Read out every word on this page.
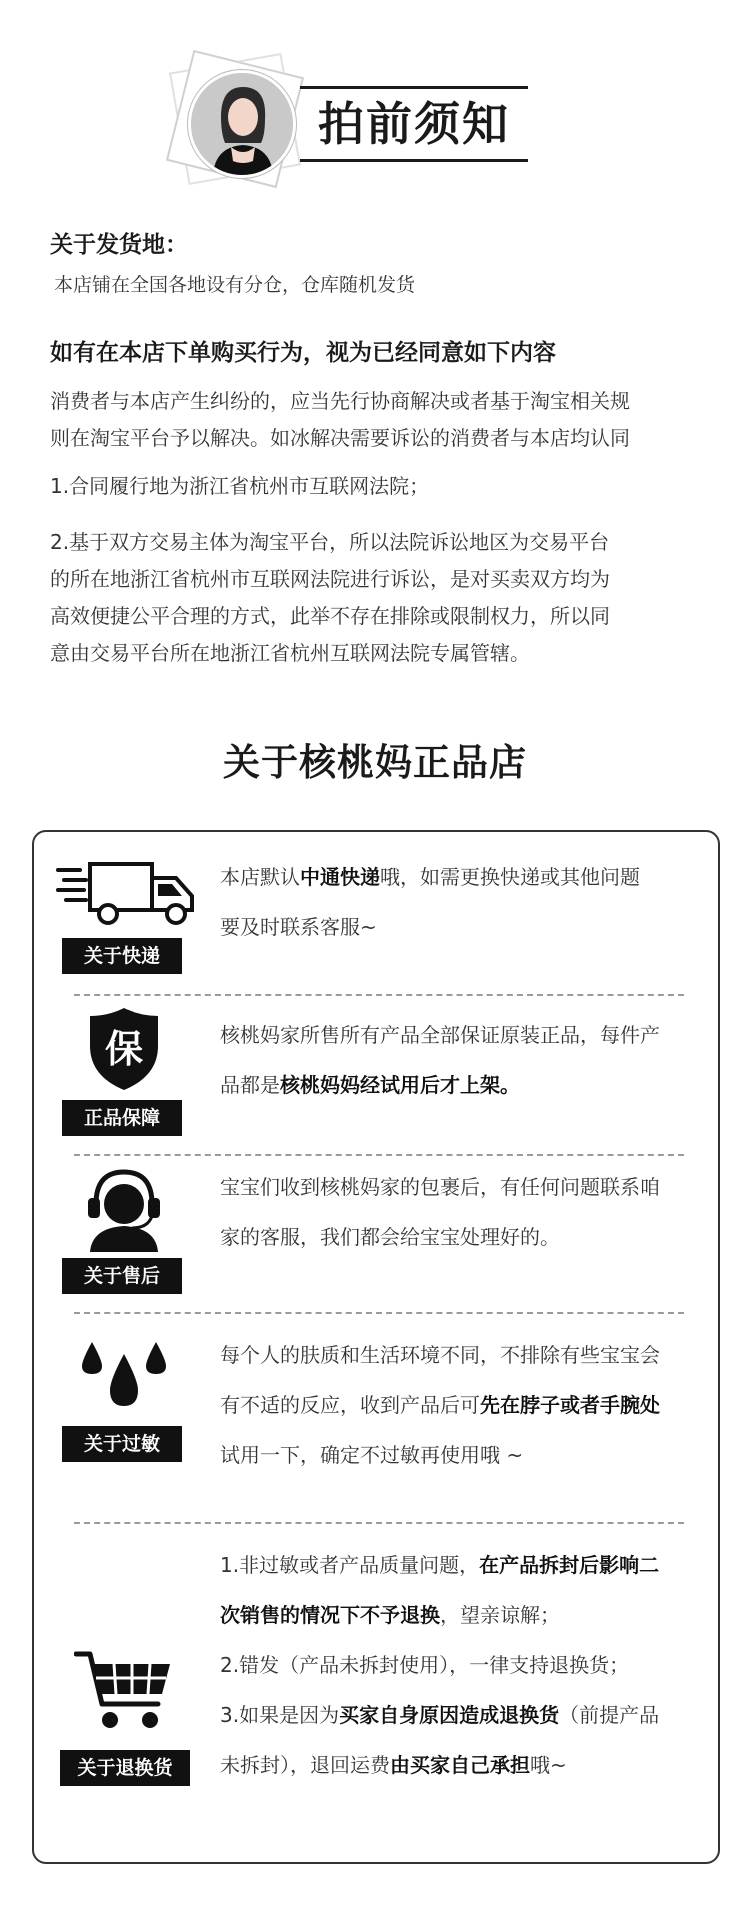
拍前须知
关于发货地：
本店铺在全国各地设有分仓，仓库随机发货
如有在本店下单购买行为，视为已经同意如下内容
消费者与本店产生纠纷的，应当先行协商解决或者基于淘宝相关规
则在淘宝平台予以解决。如冰解决需要诉讼的消费者与本店均认同
1.合同履行地为浙江省杭州市互联网法院；
2.基于双方交易主体为淘宝平台，所以法院诉讼地区为交易平台
的所在地浙江省杭州市互联网法院进行诉讼，是对买卖双方均为
高效便捷公平合理的方式，此举不存在排除或限制权力，所以同
意由交易平台所在地浙江省杭州互联网法院专属管辖。
关于核桃妈正品店
关于快递
本店默认中通快递哦，如需更换快递或其他问题
要及时联系客服~
保
正品保障
核桃妈家所售所有产品全部保证原装正品，每件产
品都是核桃妈妈经试用后才上架。
关于售后
宝宝们收到核桃妈家的包裹后，有任何问题联系咱
家的客服，我们都会给宝宝处理好的。
关于过敏
每个人的肤质和生活环境不同，不排除有些宝宝会
有不适的反应，收到产品后可先在脖子或者手腕处
试用一下，确定不过敏再使用哦 ~
关于退换货
1.非过敏或者产品质量问题，在产品拆封后影响二
次销售的情况下不予退换，望亲谅解；
2.错发（产品未拆封使用），一律支持退换货；
3.如果是因为买家自身原因造成退换货（前提产品
未拆封），退回运费由买家自己承担哦~
